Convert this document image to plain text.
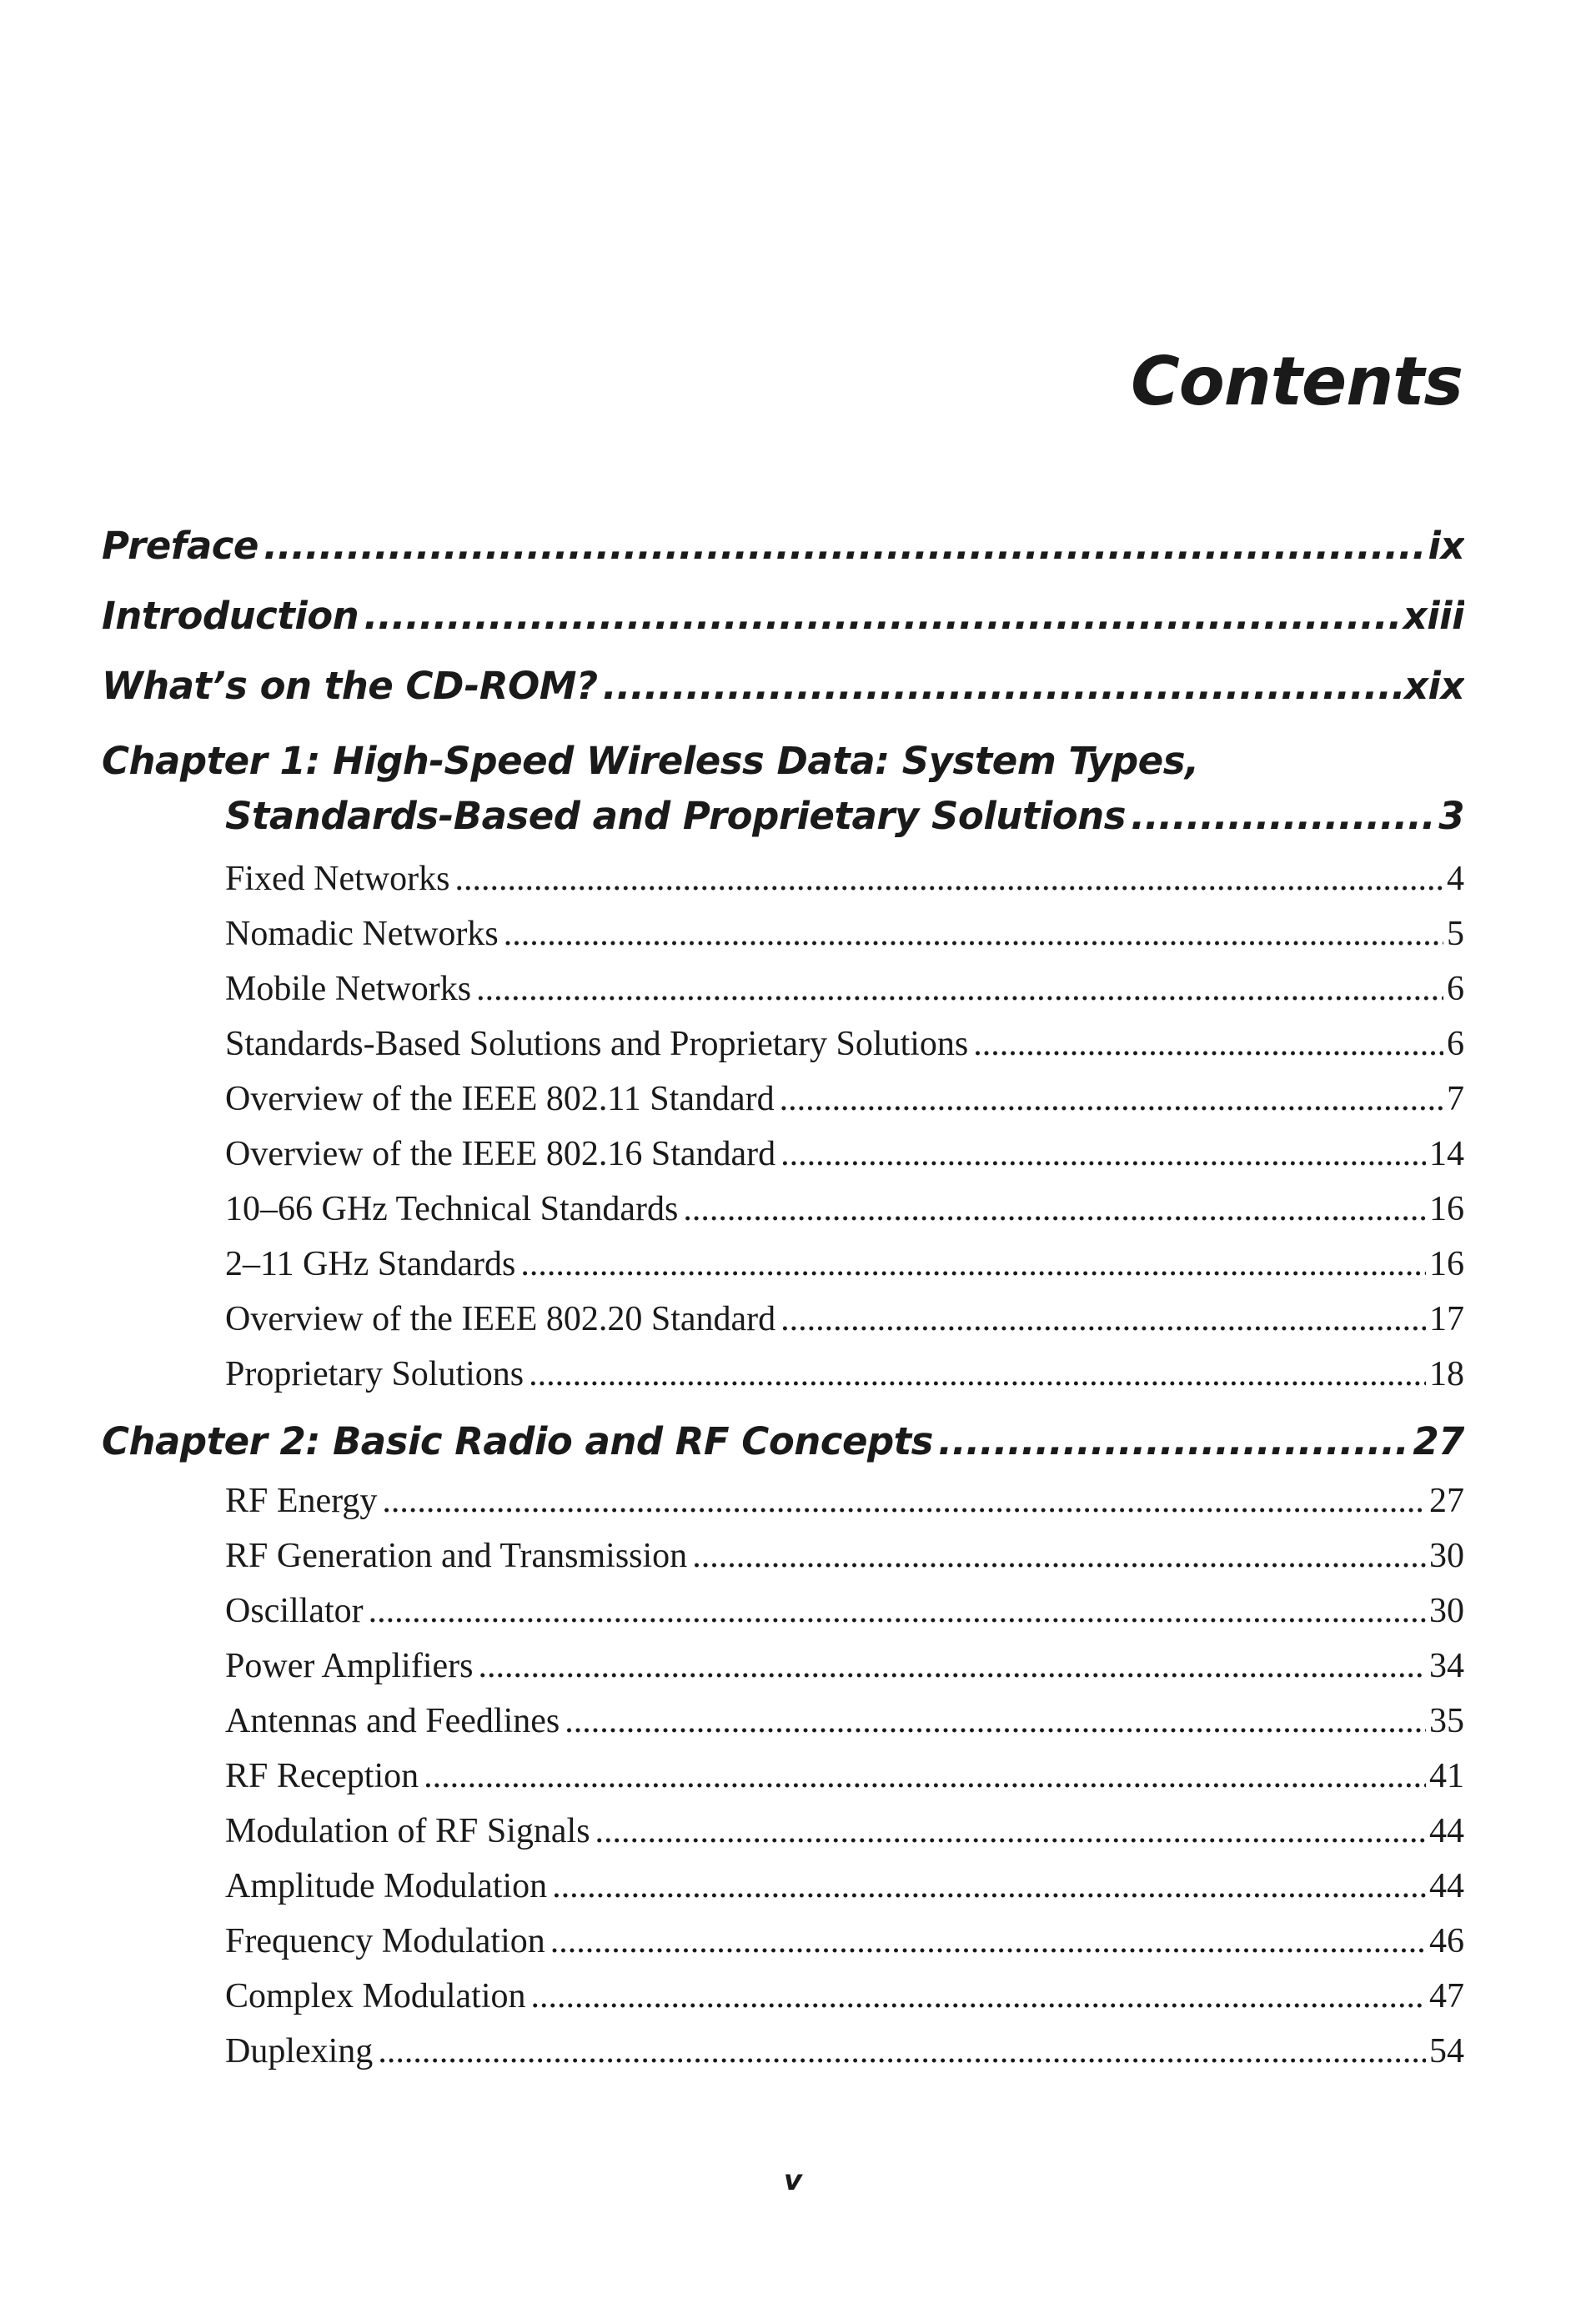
Contents
Preface .....	ix
Introduction .....	xiii
What’s on the CD-ROM? .....	xix
Chapter 1: High-Speed Wireless Data: System Types,
Standards-Based and Proprietary Solutions .....	3
Fixed Networks .....	4
Nomadic Networks .....	5
Mobile Networks .....	6
Standards-Based Solutions and Proprietary Solutions .....	6
Overview of the IEEE 802.11 Standard .....	7
Overview of the IEEE 802.16 Standard .....	14
10–66 GHz Technical Standards .....	16
2–11 GHz Standards .....	16
Overview of the IEEE 802.20 Standard .....	17
Proprietary Solutions .....	18
Chapter 2: Basic Radio and RF Concepts .....	27
RF Energy .....	27
RF Generation and Transmission .....	30
Oscillator .....	30
Power Amplifiers .....	34
Antennas and Feedlines .....	35
RF Reception .....	41
Modulation of RF Signals .....	44
Amplitude Modulation .....	44
Frequency Modulation .....	46
Complex Modulation .....	47
Duplexing .....	54
v
